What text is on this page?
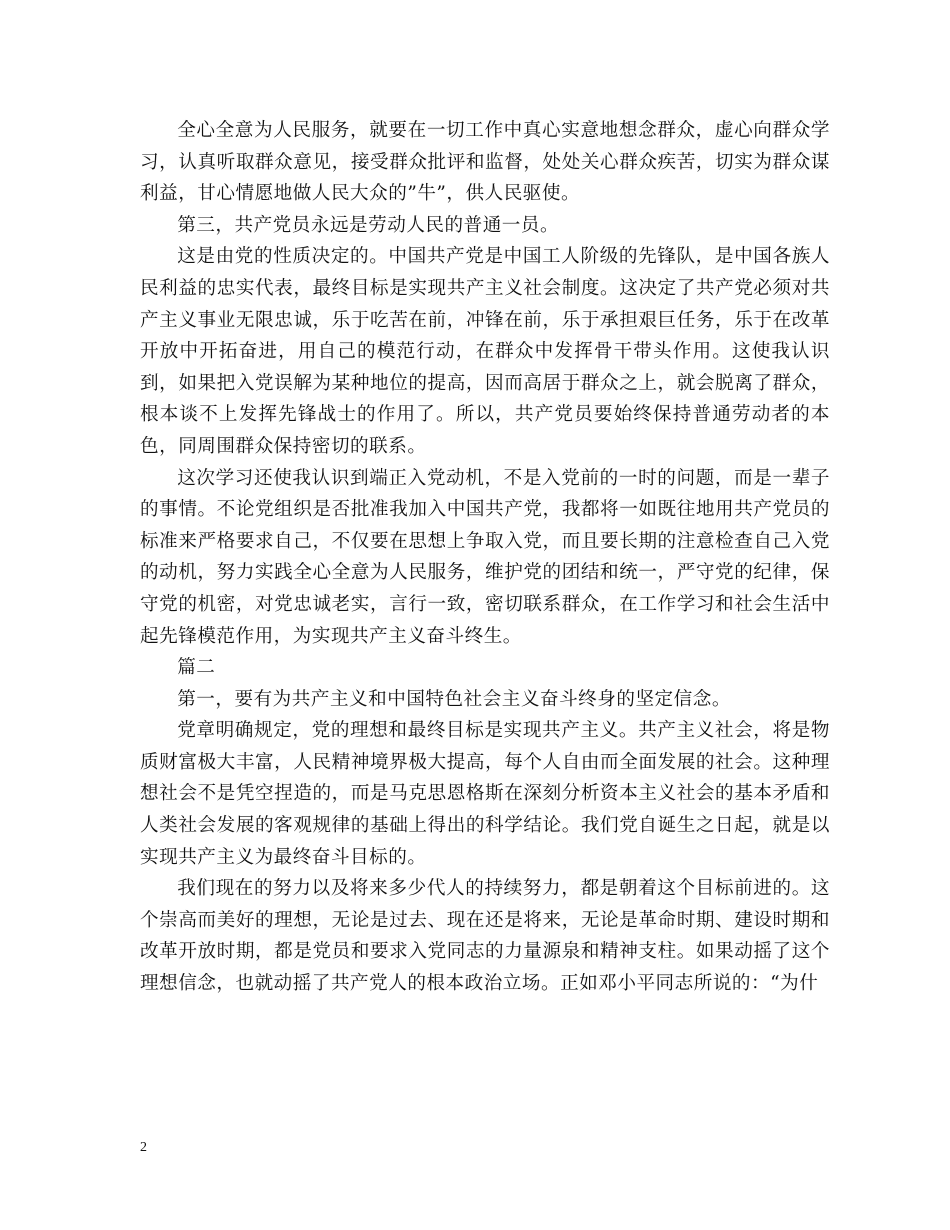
全心全意为人民服务，就要在一切工作中真心实意地想念群众，虚心向群众学习，认真听取群众意见，接受群众批评和监督，处处关心群众疾苦，切实为群众谋利益，甘心情愿地做人民大众的”牛”，供人民驱使。

第三，共产党员永远是劳动人民的普通一员。

这是由党的性质决定的。中国共产党是中国工人阶级的先锋队，是中国各族人民利益的忠实代表，最终目标是实现共产主义社会制度。这决定了共产党必须对共产主义事业无限忠诚，乐于吃苦在前，冲锋在前，乐于承担艰巨任务，乐于在改革开放中开拓奋进，用自己的模范行动，在群众中发挥骨干带头作用。这使我认识到，如果把入党误解为某种地位的提高，因而高居于群众之上，就会脱离了群众，根本谈不上发挥先锋战士的作用了。所以，共产党员要始终保持普通劳动者的本色，同周围群众保持密切的联系。

这次学习还使我认识到端正入党动机，不是入党前的一时的问题，而是一辈子的事情。不论党组织是否批准我加入中国共产党，我都将一如既往地用共产党员的标准来严格要求自己，不仅要在思想上争取入党，而且要长期的注意检查自己入党的动机，努力实践全心全意为人民服务，维护党的团结和统一，严守党的纪律，保守党的机密，对党忠诚老实，言行一致，密切联系群众，在工作学习和社会生活中起先锋模范作用，为实现共产主义奋斗终生。

篇二

第一，要有为共产主义和中国特色社会主义奋斗终身的坚定信念。

党章明确规定，党的理想和最终目标是实现共产主义。共产主义社会，将是物质财富极大丰富，人民精神境界极大提高，每个人自由而全面发展的社会。这种理想社会不是凭空捏造的，而是马克思恩格斯在深刻分析资本主义社会的基本矛盾和人类社会发展的客观规律的基础上得出的科学结论。我们党自诞生之日起，就是以实现共产主义为最终奋斗目标的。

我们现在的努力以及将来多少代人的持续努力，都是朝着这个目标前进的。这个崇高而美好的理想，无论是过去、现在还是将来，无论是革命时期、建设时期和改革开放时期，都是党员和要求入党同志的力量源泉和精神支柱。如果动摇了这个理想信念，也就动摇了共产党人的根本政治立场。正如邓小平同志所说的：“为什

2
